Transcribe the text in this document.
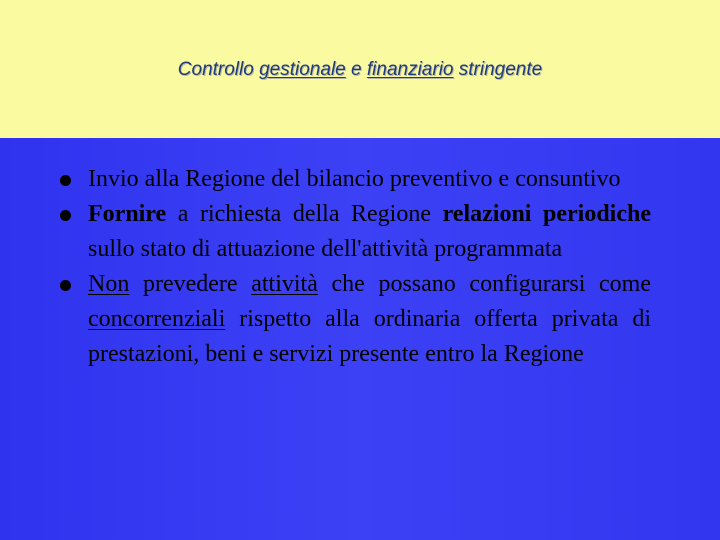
Controllo gestionale e finanziario stringente
Invio alla Regione del bilancio preventivo e consuntivo
Fornire a richiesta della Regione relazioni periodiche sullo stato di attuazione dell'attività programmata
Non prevedere attività che possano configurarsi come concorrenziali rispetto alla ordinaria offerta privata di prestazioni, beni e servizi presente entro la Regione
